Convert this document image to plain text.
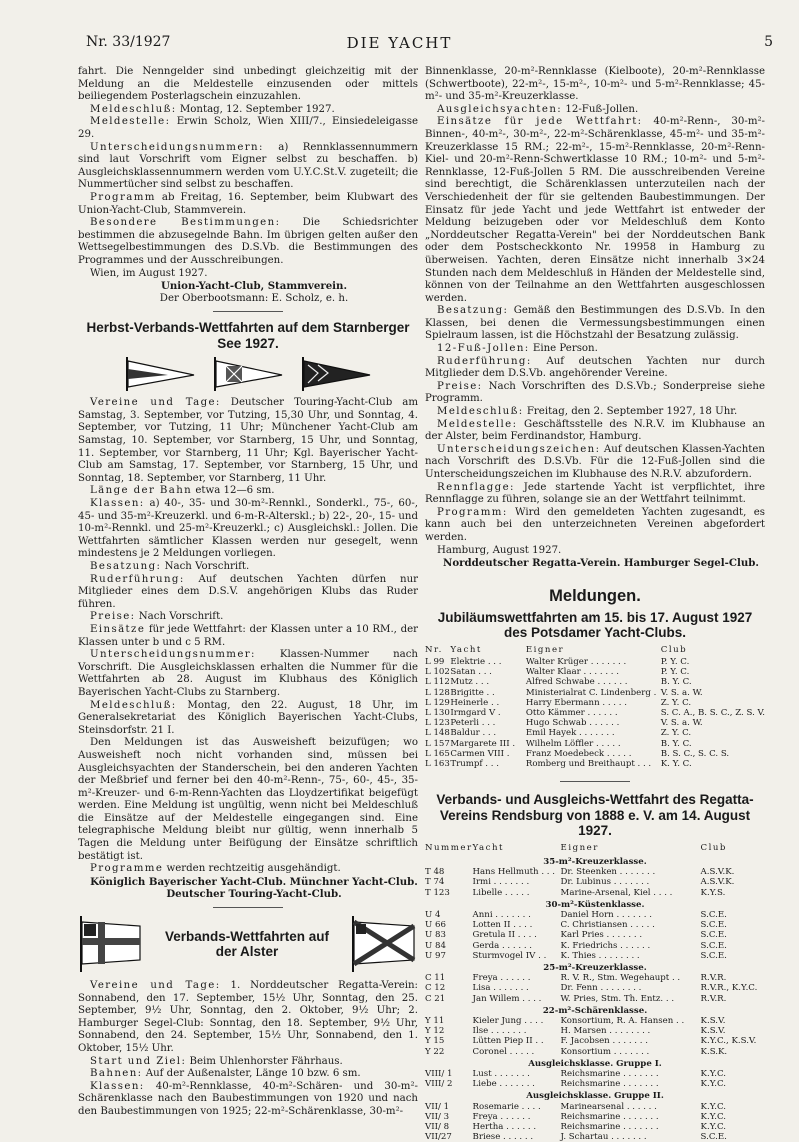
Nr. 33/1927	DIE YACHT	5

fahrt. Die Nenngelder sind unbedingt gleichzeitig mit der Meldung an die Meldestelle einzusenden oder mittels beiliegendem Posterlagschein einzuzahlen.

Meldeschluß: Montag, 12. September 1927.

Meldestelle: Erwin Scholz, Wien XIII/7., Einsiedeleigasse 29.

Unterscheidungsnummern: a) Rennklassennummern sind laut Vorschrift vom Eigner selbst zu beschaffen. b) Ausgleichsklassennummern werden vom U.Y.C.St.V. zugeteilt; die Nummertücher sind selbst zu beschaffen.

Programm ab Freitag, 16. September, beim Klubwart des Union-Yacht-Club, Stammverein.

Besondere Bestimmungen: Die Schiedsrichter bestimmen die abzusegelnde Bahn. Im übrigen gelten außer den Wettsegelbestimmungen des D.S.Vb. die Bestimmungen des Programmes und der Ausschreibungen.

Wien, im August 1927.

Union-Yacht-Club, Stammverein.

Der Oberbootsmann: E. Scholz, e. h.

Herbst-Verbands-Wettfahrten auf dem Starnberger See 1927.

Vereine und Tage: Deutscher Touring-Yacht-Club am Samstag, 3. September, vor Tutzing, 15,30 Uhr, und Sonntag, 4. September, vor Tutzing, 11 Uhr; Münchener Yacht-Club am Samstag, 10. September, vor Starnberg, 15 Uhr, und Sonntag, 11. September, vor Starnberg, 11 Uhr; Kgl. Bayerischer Yacht-Club am Samstag, 17. September, vor Starnberg, 15 Uhr, und Sonntag, 18. September, vor Starnberg, 11 Uhr.

Länge der Bahn etwa 12—6 sm.

Klassen: a) 40-, 35- und 30-m²-Rennkl., Sonderkl., 75-, 60-, 45- und 35-m²-Kreuzerkl. und 6-m-R-Alterskl.; b) 22-, 20-, 15- und 10-m²-Rennkl. und 25-m²-Kreuzerkl.; c) Ausgleichskl.: Jollen. Die Wettfahrten sämtlicher Klassen werden nur gesegelt, wenn mindestens je 2 Meldungen vorliegen.

Besatzung: Nach Vorschrift.

Ruderführung: Auf deutschen Yachten dürfen nur Mitglieder eines dem D.S.V. angehörigen Klubs das Ruder führen.

Preise: Nach Vorschrift.

Einsätze für jede Wettfahrt: der Klassen unter a 10 RM., der Klassen unter b und c 5 RM.

Unterscheidungsnummer: Klassen-Nummer nach Vorschrift. Die Ausgleichsklassen erhalten die Nummer für die Wettfahrten ab 28. August im Klubhaus des Königlich Bayerischen Yacht-Clubs zu Starnberg.

Meldeschluß: Montag, den 22. August, 18 Uhr, im Generalsekretariat des Königlich Bayerischen Yacht-Clubs, Steinsdorfstr. 21 I.

Den Meldungen ist das Ausweisheft beizufügen; wo Ausweisheft noch nicht vorhanden sind, müssen bei Ausgleichsyachten der Standerschein, bei den anderen Yachten der Meßbrief und ferner bei den 40-m²-Renn-, 75-, 60-, 45-, 35-m²-Kreuzer- und 6-m-Renn-Yachten das Lloydzertifikat beigefügt werden. Eine Meldung ist ungültig, wenn nicht bei Meldeschluß die Einsätze auf der Meldestelle eingegangen sind. Eine telegraphische Meldung bleibt nur gültig, wenn innerhalb 5 Tagen die Meldung unter Beifügung der Einsätze schriftlich bestätigt ist.

Programme werden rechtzeitig ausgehändigt.

Königlich Bayerischer Yacht-Club. Münchner Yacht-Club.

Deutscher Touring-Yacht-Club.

Verbands-Wettfahrten auf
der Alster

Vereine und Tage: 1. Norddeutscher Regatta-Verein: Sonnabend, den 17. September, 15½ Uhr, Sonntag, den 25. September, 9½ Uhr, Sonntag, den 2. Oktober, 9½ Uhr; 2. Hamburger Segel-Club: Sonntag, den 18. September, 9½ Uhr, Sonnabend, den 24. September, 15½ Uhr, Sonnabend, den 1. Oktober, 15½ Uhr.

Start und Ziel: Beim Uhlenhorster Fährhaus.

Bahnen: Auf der Außenalster, Länge 10 bzw. 6 sm.

Klassen: 40-m²-Rennklasse, 40-m²-Schären- und 30-m²-Schärenklasse nach den Baubestimmungen von 1920 und nach den Baubestimmungen von 1925; 22-m²-Schärenklasse, 30-m²-

Binnenklasse, 20-m²-Rennklasse (Kielboote), 20-m²-Rennklasse (Schwertboote), 22-m²-, 15-m²-, 10-m²- und 5-m²-Rennklasse; 45-m²- und 35-m²-Kreuzerklasse.

Ausgleichsyachten: 12-Fuß-Jollen.

Einsätze für jede Wettfahrt: 40-m²-Renn-, 30-m²-Binnen-, 40-m²-, 30-m²-, 22-m²-Schärenklasse, 45-m²- und 35-m²-Kreuzerklasse 15 RM.; 22-m²-, 15-m²-Rennklasse, 20-m²-Renn-Kiel- und 20-m²-Renn-Schwertklasse 10 RM.; 10-m²- und 5-m²-Rennklasse, 12-Fuß-Jollen 5 RM. Die ausschreibenden Vereine sind berechtigt, die Schärenklassen unterzuteilen nach der Verschiedenheit der für sie geltenden Baubestimmungen. Der Einsatz für jede Yacht und jede Wettfahrt ist entweder der Meldung beizugeben oder vor Meldeschluß dem Konto „Norddeutscher Regatta-Verein" bei der Norddeutschen Bank oder dem Postscheckkonto Nr. 19958 in Hamburg zu überweisen. Yachten, deren Einsätze nicht innerhalb 3×24 Stunden nach dem Meldeschluß in Händen der Meldestelle sind, können von der Teilnahme an den Wettfahrten ausgeschlossen werden.

Besatzung: Gemäß den Bestimmungen des D.S.Vb. In den Klassen, bei denen die Vermessungsbestimmungen einen Spielraum lassen, ist die Höchstzahl der Besatzung zulässig.

12-Fuß-Jollen: Eine Person.

Ruderführung: Auf deutschen Yachten nur durch Mitglieder dem D.S.Vb. angehörender Vereine.

Preise: Nach Vorschriften des D.S.Vb.; Sonderpreise siehe Programm.

Meldeschluß: Freitag, den 2. September 1927, 18 Uhr.

Meldestelle: Geschäftsstelle des N.R.V. im Klubhause an der Alster, beim Ferdinandstor, Hamburg.

Unterscheidungszeichen: Auf deutschen Klassen-Yachten nach Vorschrift des D.S.Vb. Für die 12-Fuß-Jollen sind die Unterscheidungszeichen im Klubhause des N.R.V. abzufordern.

Rennflagge: Jede startende Yacht ist verpflichtet, ihre Rennflagge zu führen, solange sie an der Wettfahrt teilnimmt.

Programm: Wird den gemeldeten Yachten zugesandt, es kann auch bei den unterzeichneten Vereinen abgefordert werden.

Hamburg, August 1927.

Norddeutscher Regatta-Verein. Hamburger Segel-Club.

Meldungen.
Jubiläumswettfahrten am 15. bis 17. August 1927 des Potsdamer Yacht-Clubs.
Nr.	Yacht	Eigner	Club
L 99	Elektrie . . .	Walter Krüger . . . . . . .	P. Y. C.
L 102	Satan . . .	Walter Klaar . . . . . . .	P. Y. C.
L 112	Mutz . . .	Alfred Schwabe . . . . . .	B. Y. C.
L 128	Brigitte . .	Ministerialrat C. Lindenberg .	V. S. a. W.
L 129	Heinerle . .	Harry Ebermann . . . . .	Z. Y. C.
L 130	Irmgard V .	Otto Kämmer . . . . . .	S. C. A., B. S. C., Z. S. V.
L 123	Peterli . . .	Hugo Schwab . . . . . .	V. S. a. W.
L 148	Baldur . . .	Emil Hayek . . . . . . .	Z. Y. C.
L 157	Margarete III .	Wilhelm Löffler . . . . .	B. Y. C.
L 165	Carmen VIII .	Franz Moedebeck . . . . .	B. S. C., S. C. S.
L 163	Trumpf . . .	Romberg und Breithaupt . . .	K. Y. C.
Verbands- und Ausgleichs-Wettfahrt des Regatta-Vereins Rendsburg von 1888 e. V. am 14. August 1927.
Nummer	Yacht	Eigner	Club
35-m²-Kreuzerklasse.			
T 48	Hans Hellmuth . . .	Dr. Steenken . . . . . . .	A.S.V.K.
T 74	Irmi . . . . . . .	Dr. Lubinus . . . . . . .	A.S.V.K.
T 123	Libelle . . . . .	Marine-Arsenal, Kiel . . . .	K.Y.S.
30-m²-Küstenklasse.			
U 4	Anni . . . . . . .	Daniel Horn . . . . . . .	S.C.E.
U 66	Lotten II . . . .	C. Christiansen . . . . .	S.C.E.
U 83	Gretula II . . . .	Karl Pries . . . . . . .	S.C.E.
U 84	Gerda . . . . . .	K. Friedrichs . . . . . .	S.C.E.
U 97	Sturmvogel IV . .	K. Thies . . . . . . . .	S.C.E.
25-m²-Kreuzerklasse.			
C 11	Freya . . . . . .	R. V. R., Stm. Wegehaupt . .	R.V.R.
C 12	Lisa . . . . . . .	Dr. Fenn . . . . . . . .	R.V.R., K.Y.C.
C 21	Jan Willem . . . .	W. Pries, Stm. Th. Entz. . .	R.V.R.
22-m²-Schärenklasse.			
Y 11	Kieler Jung . . . .	Konsortium, R. A. Hansen . .	K.S.V.
Y 12	Ilse . . . . . . .	H. Marsen . . . . . . . .	K.S.V.
Y 15	Lütten Piep II . .	F. Jacobsen . . . . . . .	K.Y.C., K.S.V.
Y 22	Coronel . . . . .	Konsortium . . . . . . .	K.S.K.
Ausgleichsklasse. Gruppe I.			
VIII/ 1	Lust . . . . . . .	Reichsmarine . . . . . . .	K.Y.C.
VIII/ 2	Liebe . . . . . . .	Reichsmarine . . . . . . .	K.Y.C.
Ausgleichsklasse. Gruppe II.			
VII/ 1	Rosemarie . . . .	Marinearsenal . . . . . .	K.Y.C.
VII/ 3	Freya . . . . . .	Reichsmarine . . . . . . .	K.Y.C.
VII/ 8	Hertha . . . . . .	Reichsmarine . . . . . . .	K.Y.C.
VII/27	Briese . . . . . .	J. Schartau . . . . . . .	S.C.E.
